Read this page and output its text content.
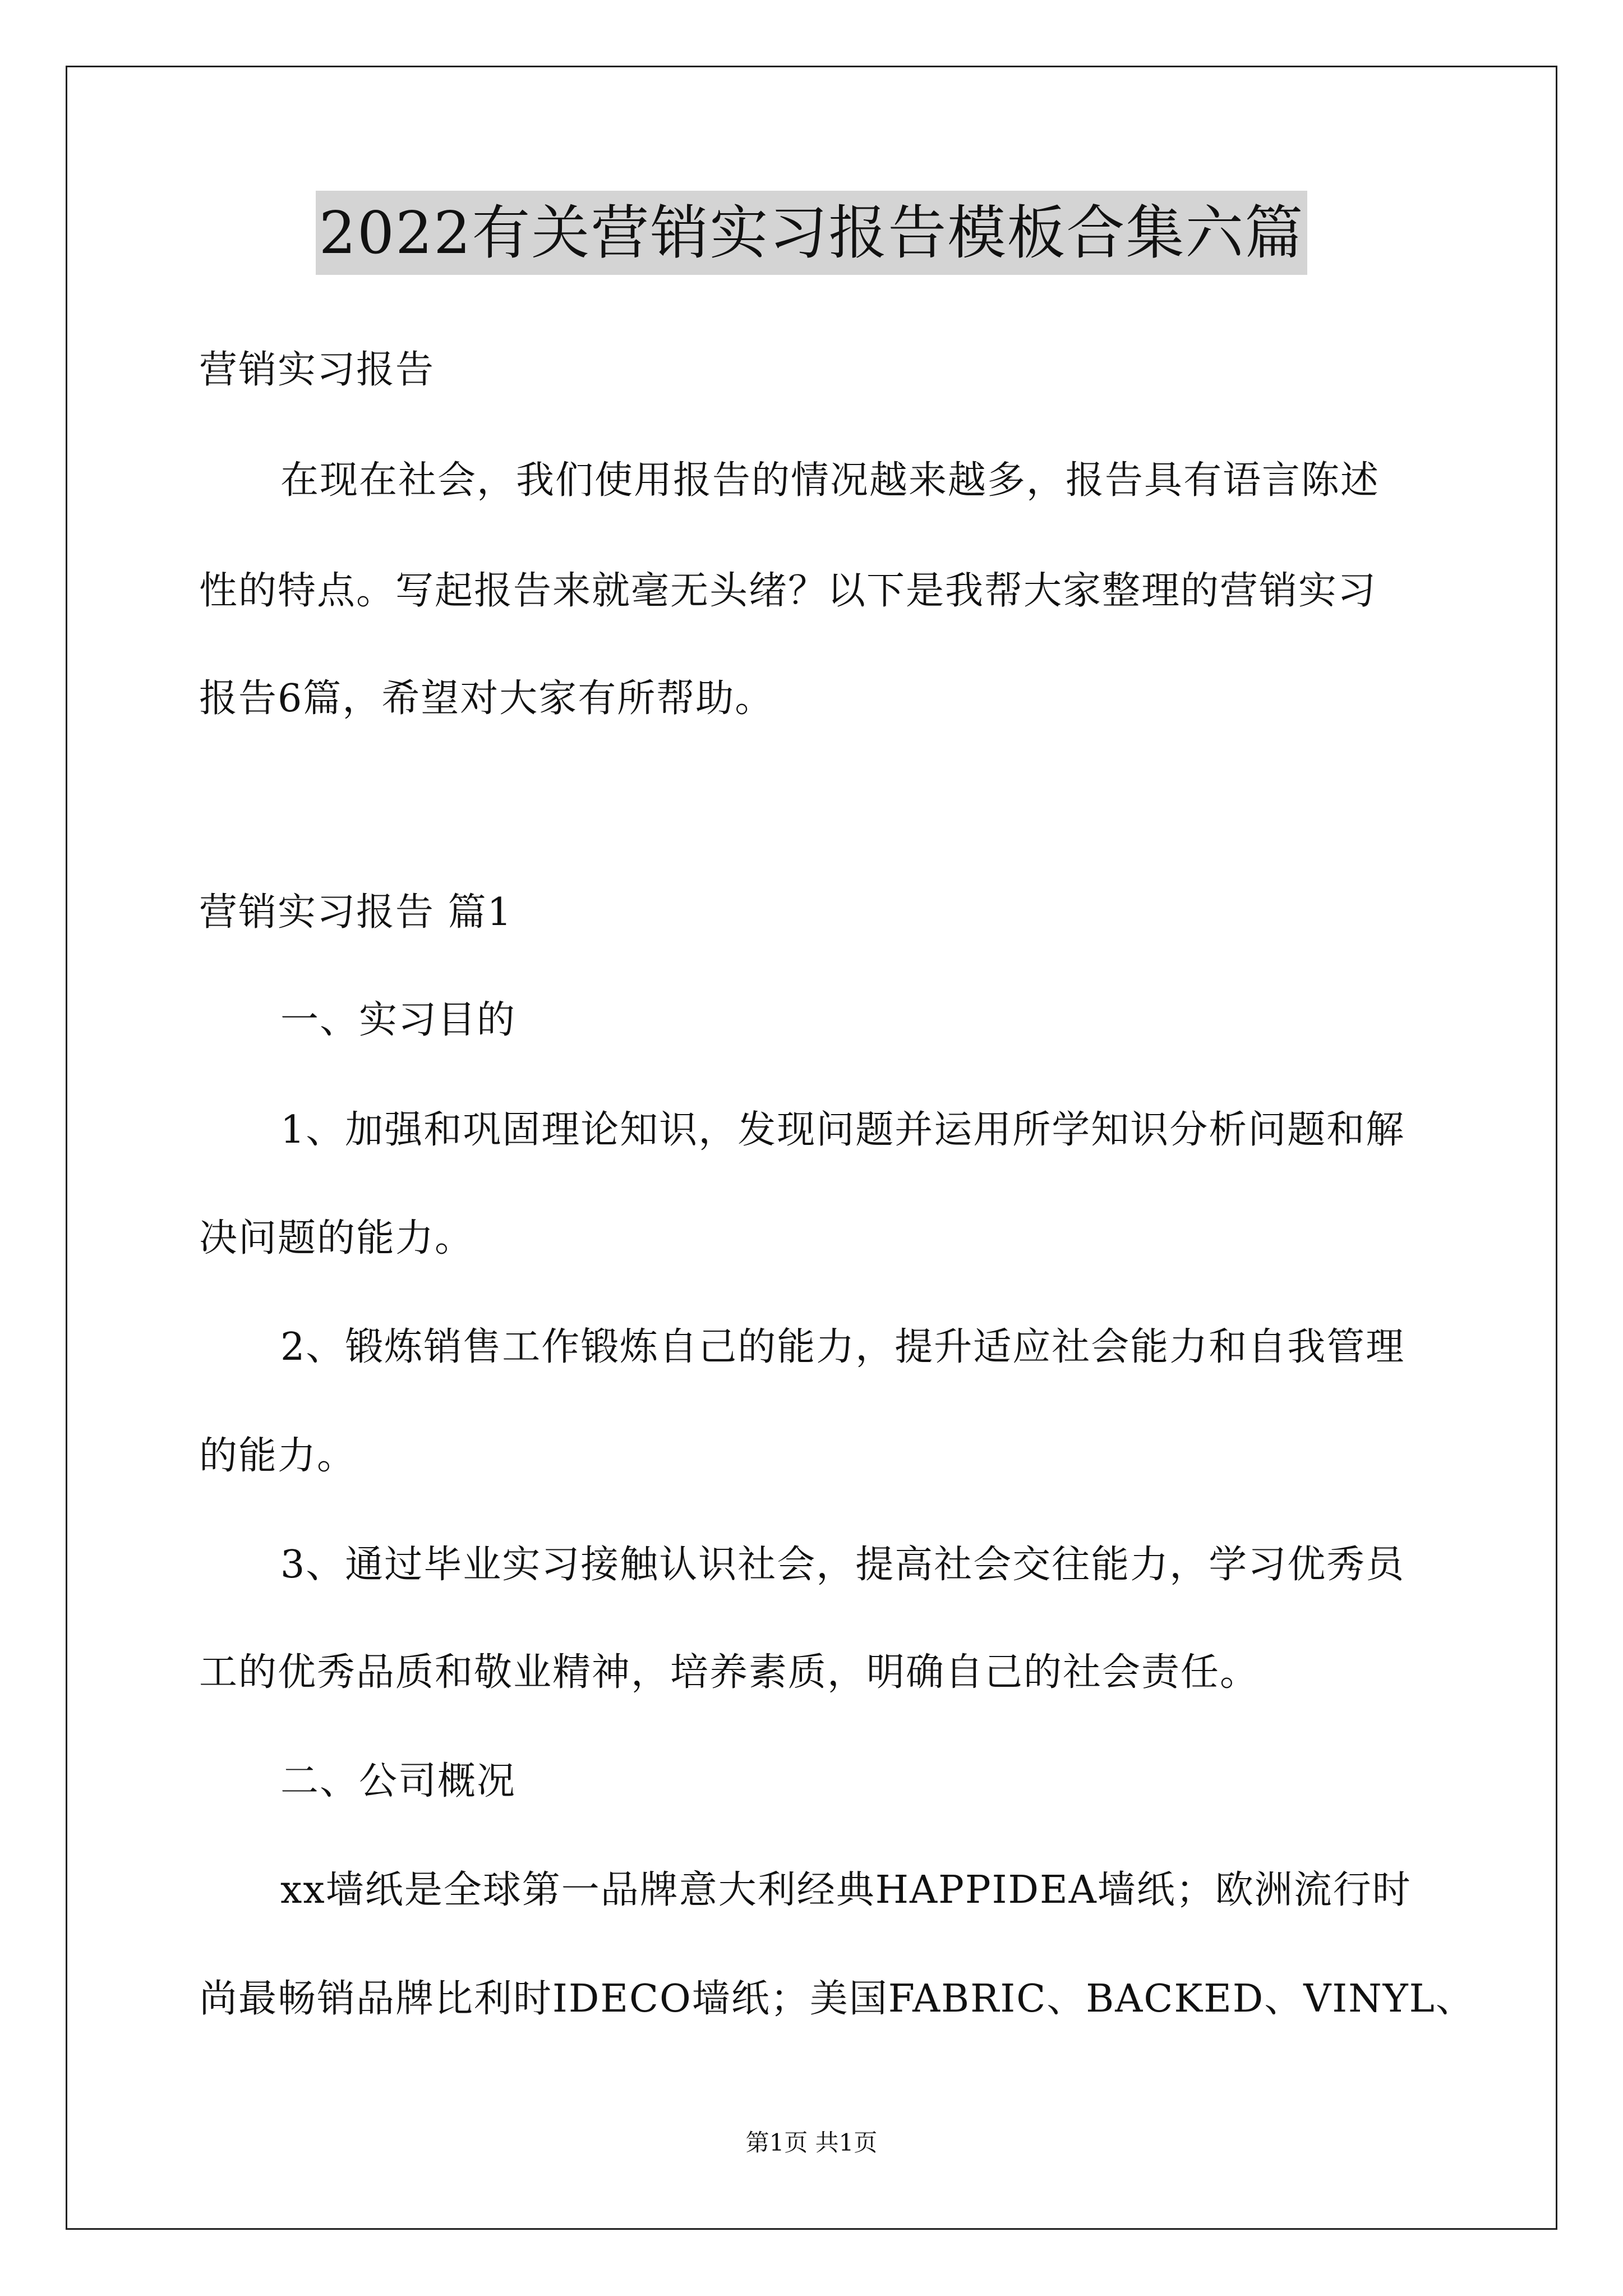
2022有关营销实习报告模板合集六篇
营销实习报告
在现在社会，我们使用报告的情况越来越多，报告具有语言陈述
性的特点。写起报告来就毫无头绪？以下是我帮大家整理的营销实习
报告6篇，希望对大家有所帮助。
营销实习报告 篇1
一、实习目的
1、加强和巩固理论知识，发现问题并运用所学知识分析问题和解
决问题的能力。
2、锻炼销售工作锻炼自己的能力，提升适应社会能力和自我管理
的能力。
3、通过毕业实习接触认识社会，提高社会交往能力，学习优秀员
工的优秀品质和敬业精神，培养素质，明确自己的社会责任。
二、公司概况
xx墙纸是全球第一品牌意大利经典HAPPIDEA墙纸；欧洲流行时
尚最畅销品牌比利时IDECO墙纸；美国FABRIC、BACKED、VINYL、
第1页 共1页
